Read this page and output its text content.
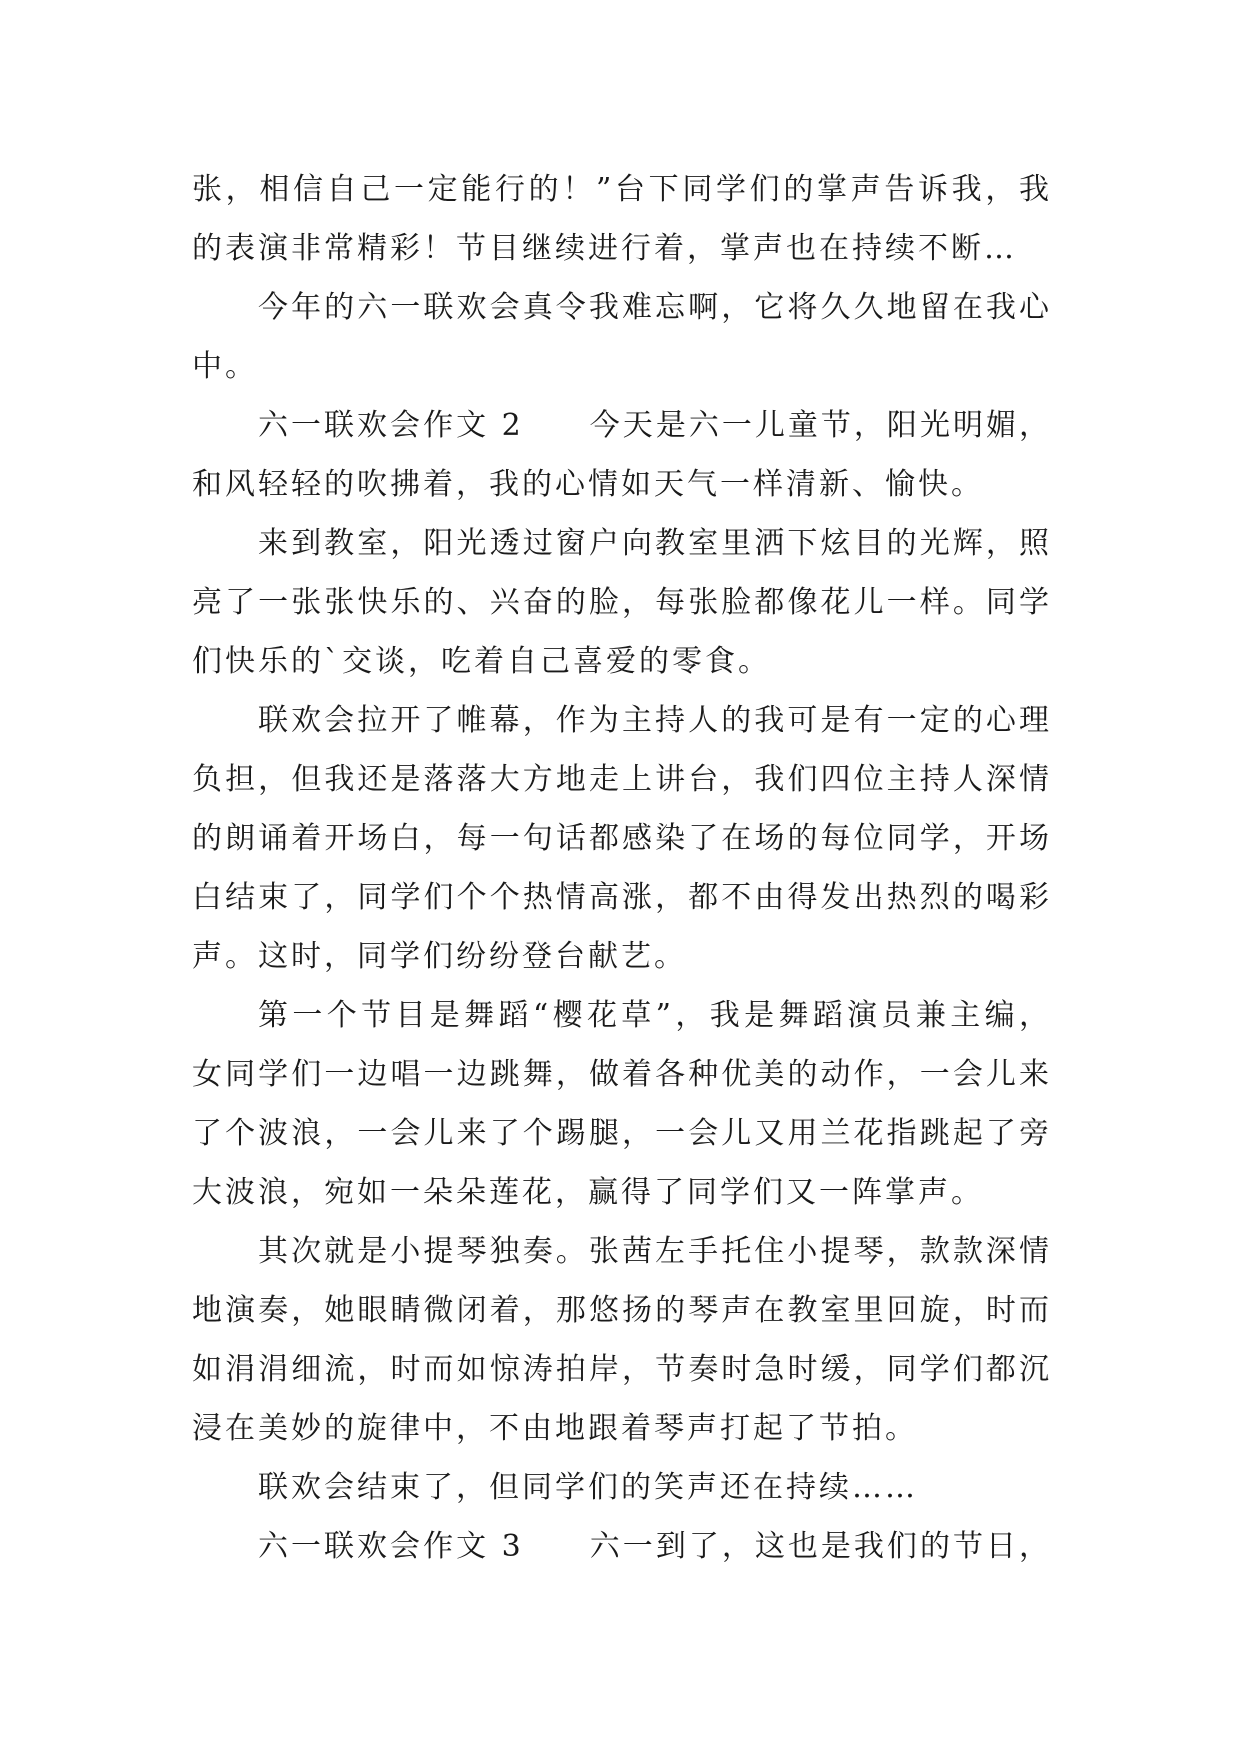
张，相信自己一定能行的！”台下同学们的掌声告诉我，我
的表演非常精彩！节目继续进行着，掌声也在持续不断…
今年的六一联欢会真令我难忘啊，它将久久地留在我心
中。
六一联欢会作文 2　　今天是六一儿童节，阳光明媚，
和风轻轻的吹拂着，我的心情如天气一样清新、愉快。
来到教室，阳光透过窗户向教室里洒下炫目的光辉，照
亮了一张张快乐的、兴奋的脸，每张脸都像花儿一样。同学
们快乐的`交谈，吃着自己喜爱的零食。
联欢会拉开了帷幕，作为主持人的我可是有一定的心理
负担，但我还是落落大方地走上讲台，我们四位主持人深情
的朗诵着开场白，每一句话都感染了在场的每位同学，开场
白结束了，同学们个个热情高涨，都不由得发出热烈的喝彩
声。这时，同学们纷纷登台献艺。
第一个节目是舞蹈“樱花草”，我是舞蹈演员兼主编，
女同学们一边唱一边跳舞，做着各种优美的动作，一会儿来
了个波浪，一会儿来了个踢腿，一会儿又用兰花指跳起了旁
大波浪，宛如一朵朵莲花，赢得了同学们又一阵掌声。
其次就是小提琴独奏。张茜左手托住小提琴，款款深情
地演奏，她眼睛微闭着，那悠扬的琴声在教室里回旋，时而
如涓涓细流，时而如惊涛拍岸，节奏时急时缓，同学们都沉
浸在美妙的旋律中，不由地跟着琴声打起了节拍。
联欢会结束了，但同学们的笑声还在持续……
六一联欢会作文 3　　六一到了，这也是我们的节日，
